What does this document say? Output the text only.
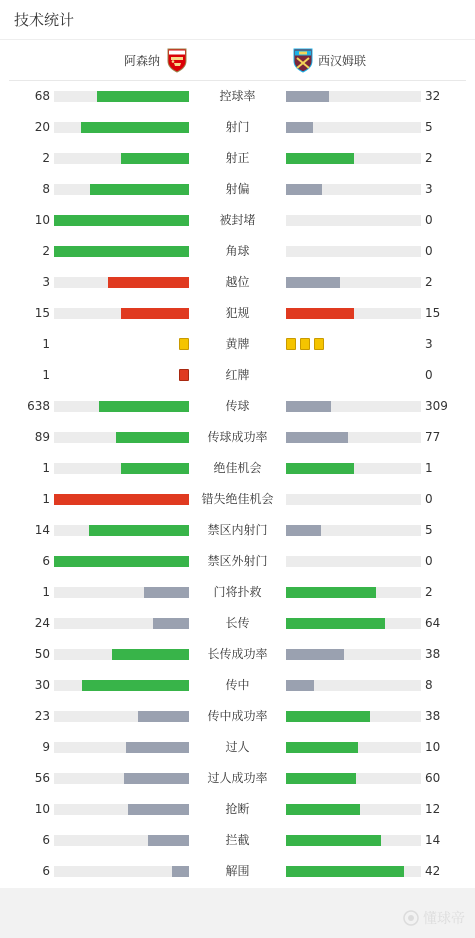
技术统计
阿森纳	西汉姆联
68	控球率	32
20	射门	5
2	射正	2
8	射偏	3
10	被封堵	0
2	角球	0
3	越位	2
15	犯规	15
1	黄牌	3
1	红牌	0
638	传球	309
89	传球成功率	77
1	绝佳机会	1
1	错失绝佳机会	0
14	禁区内射门	5
6	禁区外射门	0
1	门将扑救	2
24	长传	64
50	长传成功率	38
30	传中	8
23	传中成功率	38
9	过人	10
56	过人成功率	60
10	抢断	12
6	拦截	14
6	解围	42
懂球帝
